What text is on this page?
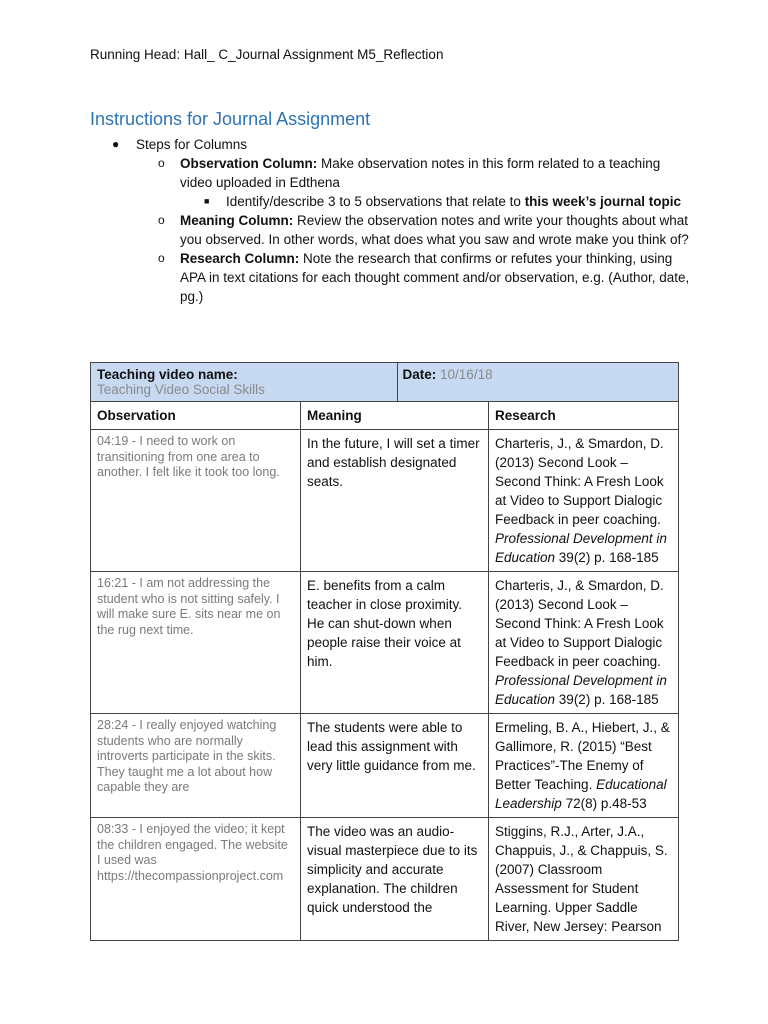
Running Head: Hall_ C_Journal Assignment M5_Reflection
Instructions for Journal Assignment
● Steps for Columns
o Observation Column: Make observation notes in this form related to a teaching video uploaded in Edthena
■ Identify/describe 3 to 5 observations that relate to this week’s journal topic
o Meaning Column: Review the observation notes and write your thoughts about what you observed. In other words, what does what you saw and wrote make you think of?
o Research Column: Note the research that confirms or refutes your thinking, using APA in text citations for each thought comment and/or observation, e.g. (Author, date, pg.)
Teaching video name: Teaching Video Social Skills	Date: 10/16/18	
Observation	Meaning	Research
04:19 - I need to work on transitioning from one area to another. I felt like it took too long.	In the future, I will set a timer and establish designated seats.	Charteris, J., & Smardon, D. (2013) Second Look – Second Think: A Fresh Look at Video to Support Dialogic Feedback in peer coaching. Professional Development in Education 39(2) p. 168-185
16:21 - I am not addressing the student who is not sitting safely. I will make sure E. sits near me on the rug next time.	E. benefits from a calm teacher in close proximity. He can shut-down when people raise their voice at him.	Charteris, J., & Smardon, D. (2013) Second Look – Second Think: A Fresh Look at Video to Support Dialogic Feedback in peer coaching. Professional Development in Education 39(2) p. 168-185
28:24 - I really enjoyed watching students who are normally introverts participate in the skits. They taught me a lot about how capable they are	The students were able to lead this assignment with very little guidance from me.	Ermeling, B. A., Hiebert, J., & Gallimore, R. (2015) “Best Practices”-The Enemy of Better Teaching. Educational Leadership 72(8) p.48-53
08:33 - I enjoyed the video; it kept the children engaged. The website I used was https://thecompassionproject.com	The video was an audio-visual masterpiece due to its simplicity and accurate explanation. The children quick understood the	Stiggins, R.J., Arter, J.A., Chappuis, J., & Chappuis, S. (2007) Classroom Assessment for Student Learning. Upper Saddle River, New Jersey: Pearson
